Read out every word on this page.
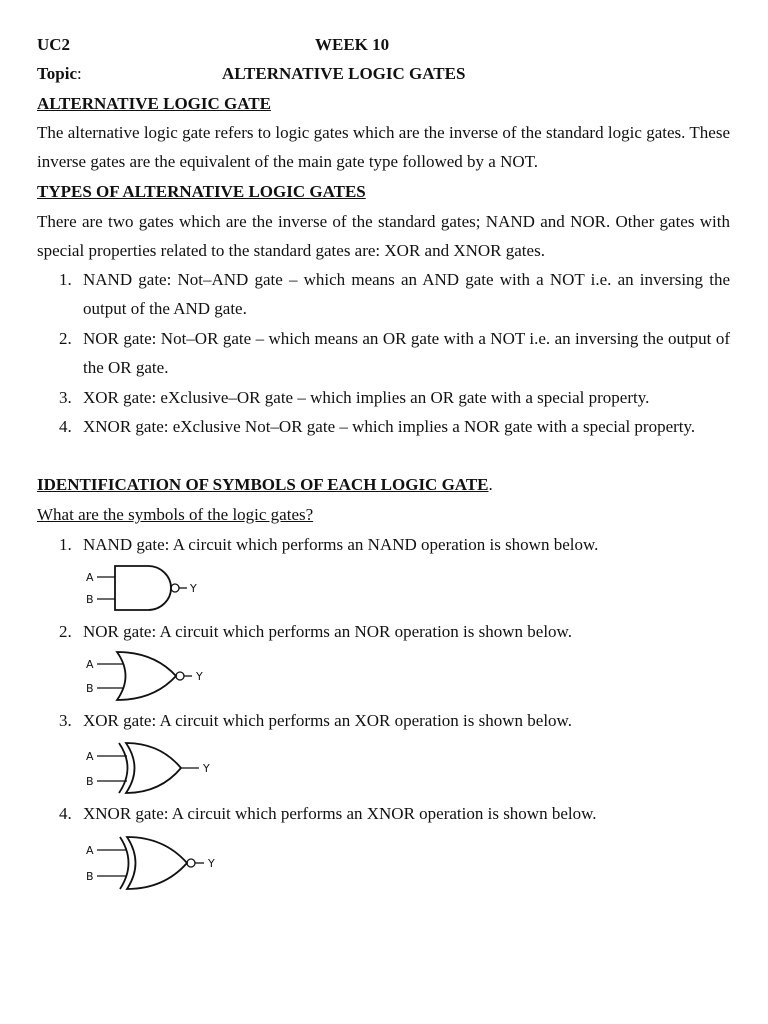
UC2	WEEK 10
Topic:	ALTERNATIVE LOGIC GATES
ALTERNATIVE LOGIC GATE
The alternative logic gate refers to logic gates which are the inverse of the standard logic gates. These inverse gates are the equivalent of the main gate type followed by a NOT.
TYPES OF ALTERNATIVE LOGIC GATES
There are two gates which are the inverse of the standard gates; NAND and NOR. Other gates with special properties related to the standard gates are: XOR and XNOR gates.
1. NAND gate: Not–AND gate – which means an AND gate with a NOT i.e. an inversing the output of the AND gate.
2. NOR gate: Not–OR gate – which means an OR gate with a NOT i.e. an inversing the output of the OR gate.
3. XOR gate: eXclusive–OR gate – which implies an OR gate with a special property.
4. XNOR gate: eXclusive Not–OR gate – which implies a NOR gate with a special property.
IDENTIFICATION OF SYMBOLS OF EACH LOGIC GATE.
What are the symbols of the logic gates?
1. NAND gate: A circuit which performs an NAND operation is shown below.
A
B
Y
2. NOR gate: A circuit which performs an NOR operation is shown below.
A
B
Y
3. XOR gate: A circuit which performs an XOR operation is shown below.
A
B
Y
4. XNOR gate: A circuit which performs an XNOR operation is shown below.
A
B
Y
